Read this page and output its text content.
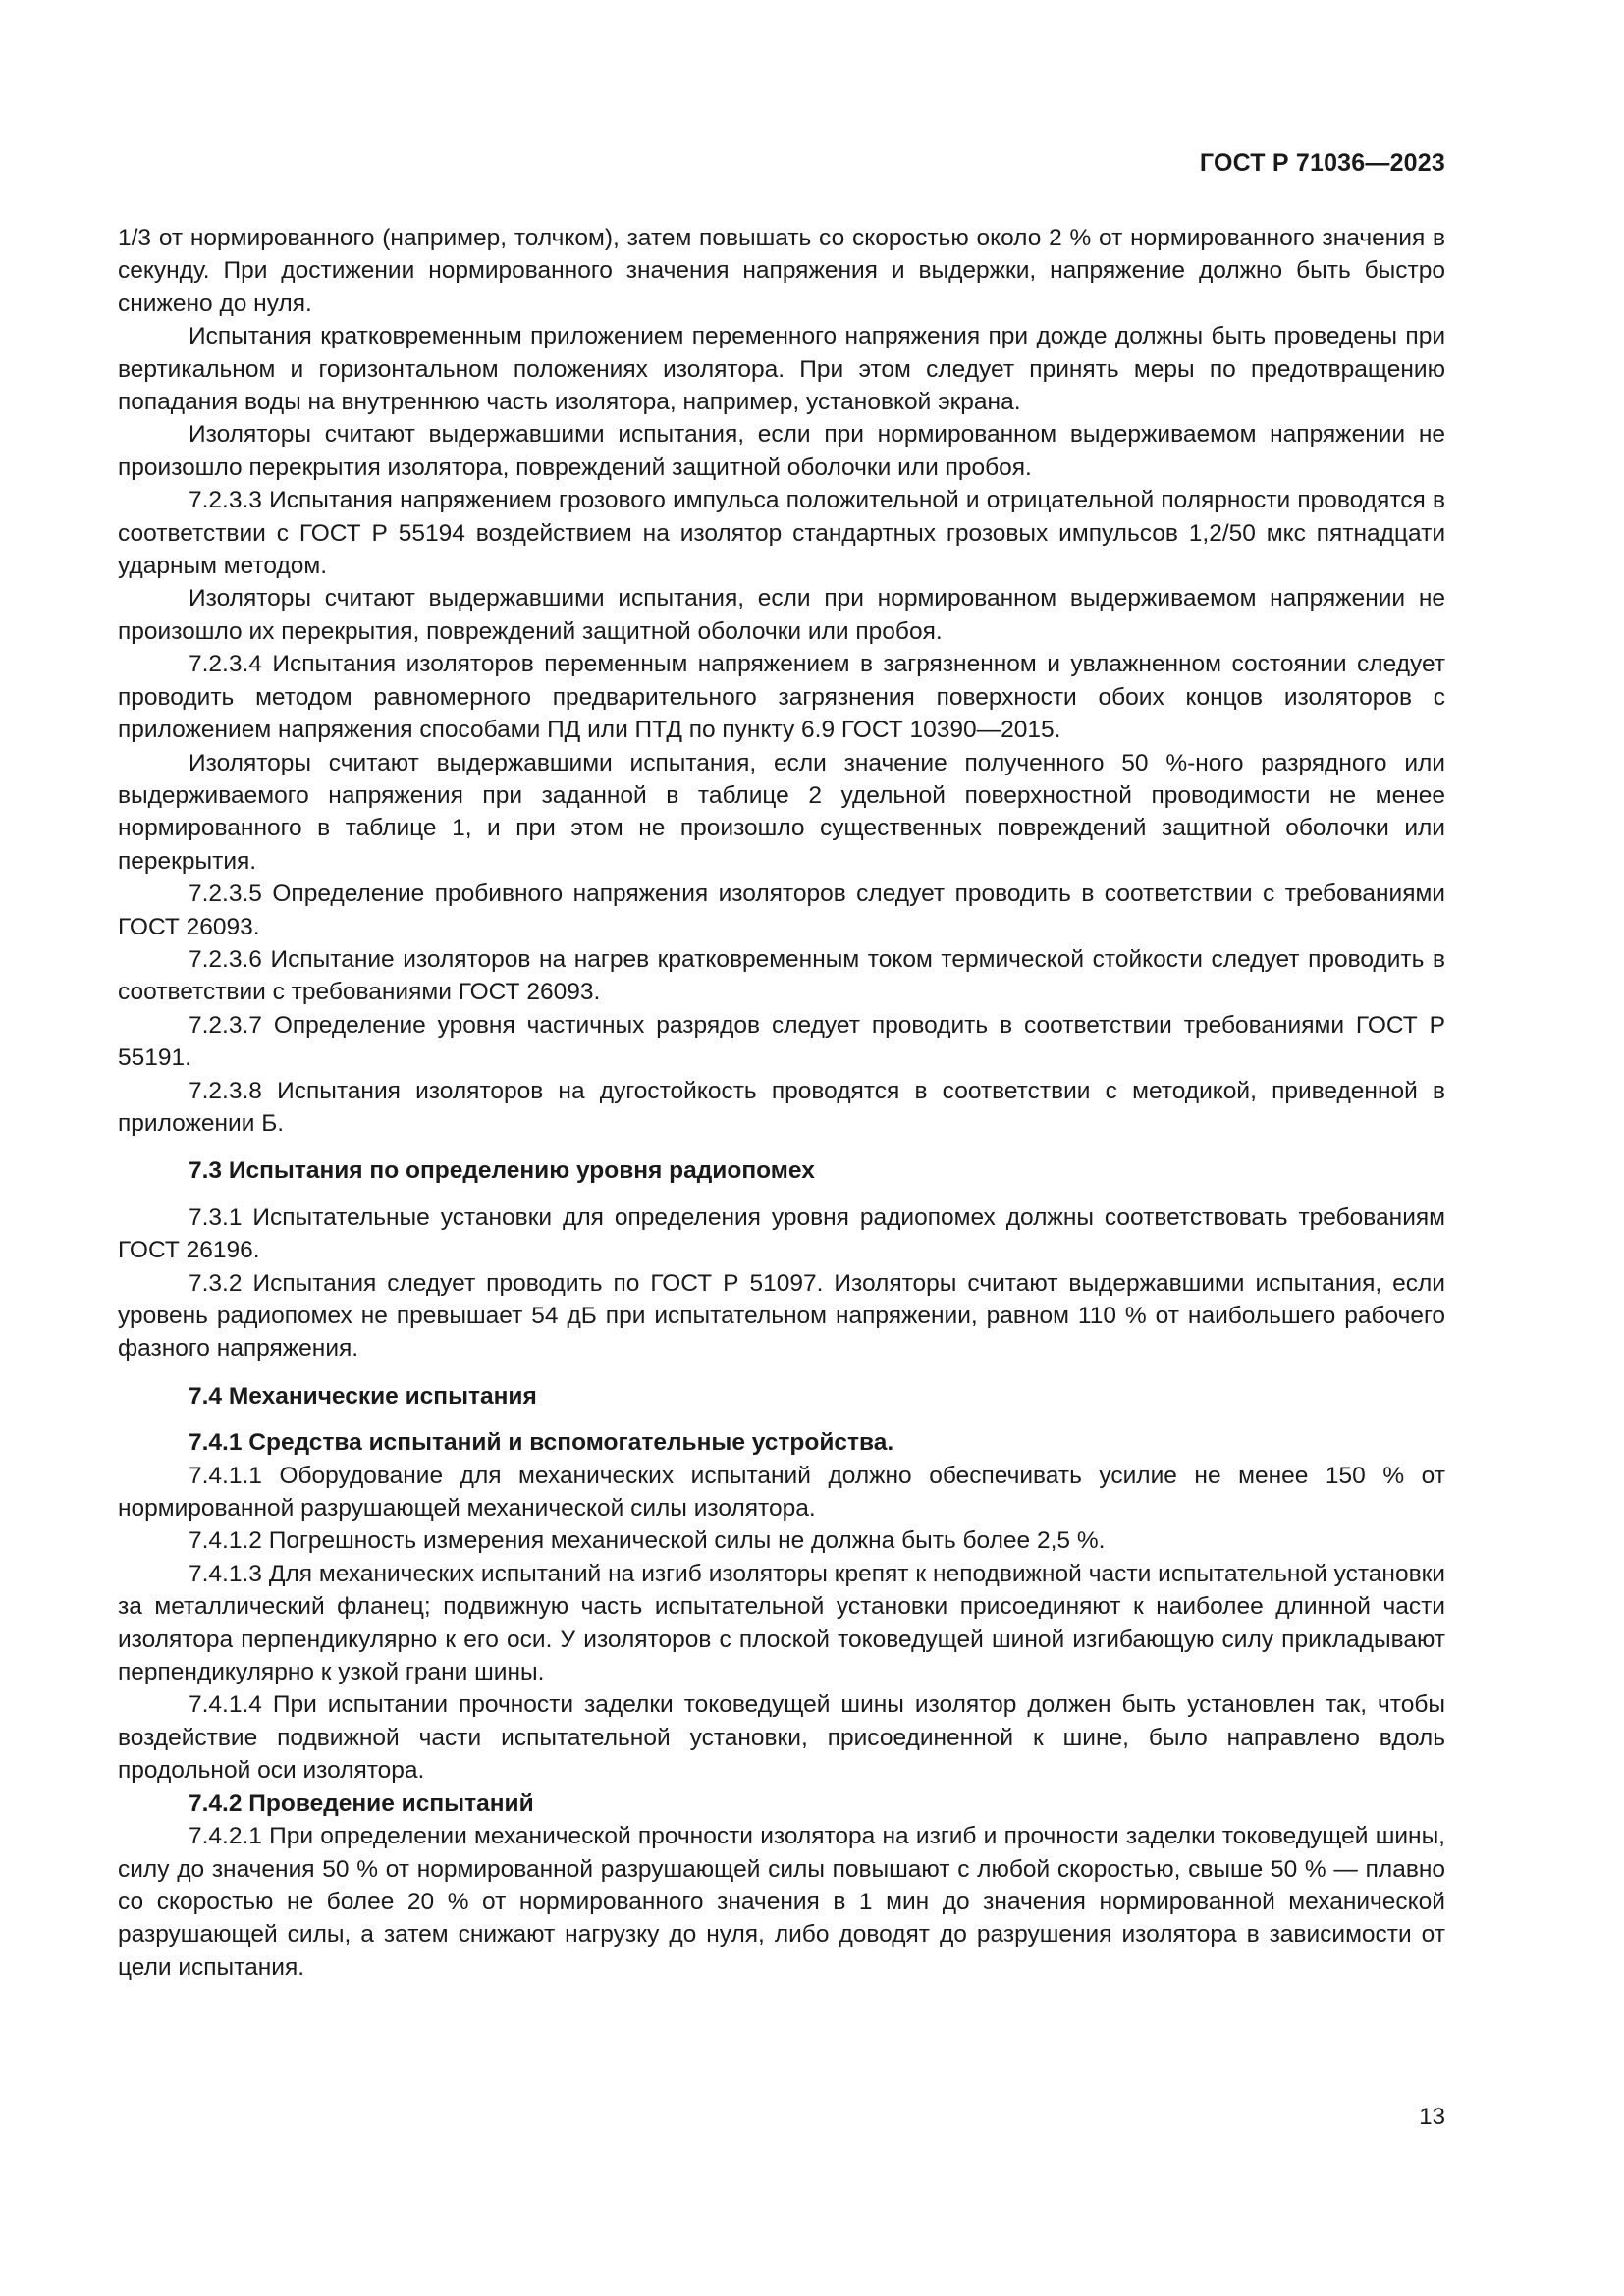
ГОСТ Р 71036—2023

1/3 от нормированного (например, толчком), затем повышать со скоростью около 2 % от нормированного значения в секунду. При достижении нормированного значения напряжения и выдержки, напряжение должно быть быстро снижено до нуля.

Испытания кратковременным приложением переменного напряжения при дожде должны быть проведены при вертикальном и горизонтальном положениях изолятора. При этом следует принять меры по предотвращению попадания воды на внутреннюю часть изолятора, например, установкой экрана.

Изоляторы считают выдержавшими испытания, если при нормированном выдерживаемом напряжении не произошло перекрытия изолятора, повреждений защитной оболочки или пробоя.

7.2.3.3 Испытания напряжением грозового импульса положительной и отрицательной полярности проводятся в соответствии с ГОСТ Р 55194 воздействием на изолятор стандартных грозовых импульсов 1,2/50 мкс пятнадцати ударным методом.

Изоляторы считают выдержавшими испытания, если при нормированном выдерживаемом напряжении не произошло их перекрытия, повреждений защитной оболочки или пробоя.

7.2.3.4 Испытания изоляторов переменным напряжением в загрязненном и увлажненном состоянии следует проводить методом равномерного предварительного загрязнения поверхности обоих концов изоляторов с приложением напряжения способами ПД или ПТД по пункту 6.9 ГОСТ 10390—2015.

Изоляторы считают выдержавшими испытания, если значение полученного 50 %-ного разрядного или выдерживаемого напряжения при заданной в таблице 2 удельной поверхностной проводимости не менее нормированного в таблице 1, и при этом не произошло существенных повреждений защитной оболочки или перекрытия.

7.2.3.5 Определение пробивного напряжения изоляторов следует проводить в соответствии с требованиями ГОСТ 26093.

7.2.3.6 Испытание изоляторов на нагрев кратковременным током термической стойкости следует проводить в соответствии с требованиями ГОСТ 26093.

7.2.3.7 Определение уровня частичных разрядов следует проводить в соответствии требованиями ГОСТ Р 55191.

7.2.3.8 Испытания изоляторов на дугостойкость проводятся в соответствии с методикой, приведенной в приложении Б.

7.3 Испытания по определению уровня радиопомех

7.3.1 Испытательные установки для определения уровня радиопомех должны соответствовать требованиям ГОСТ 26196.

7.3.2 Испытания следует проводить по ГОСТ Р 51097. Изоляторы считают выдержавшими испытания, если уровень радиопомех не превышает 54 дБ при испытательном напряжении, равном 110 % от наибольшего рабочего фазного напряжения.

7.4 Механические испытания
7.4.1 Средства испытаний и вспомогательные устройства.

7.4.1.1 Оборудование для механических испытаний должно обеспечивать усилие не менее 150 % от нормированной разрушающей механической силы изолятора.

7.4.1.2 Погрешность измерения механической силы не должна быть более 2,5 %.

7.4.1.3 Для механических испытаний на изгиб изоляторы крепят к неподвижной части испытательной установки за металлический фланец; подвижную часть испытательной установки присоединяют к наиболее длинной части изолятора перпендикулярно к его оси. У изоляторов с плоской токоведущей шиной изгибающую силу прикладывают перпендикулярно к узкой грани шины.

7.4.1.4 При испытании прочности заделки токоведущей шины изолятор должен быть установлен так, чтобы воздействие подвижной части испытательной установки, присоединенной к шине, было направлено вдоль продольной оси изолятора.

7.4.2 Проведение испытаний

7.4.2.1 При определении механической прочности изолятора на изгиб и прочности заделки токоведущей шины, силу до значения 50 % от нормированной разрушающей силы повышают с любой скоростью, свыше 50 % — плавно со скоростью не более 20 % от нормированного значения в 1 мин до значения нормированной механической разрушающей силы, а затем снижают нагрузку до нуля, либо доводят до разрушения изолятора в зависимости от цели испытания.

13
